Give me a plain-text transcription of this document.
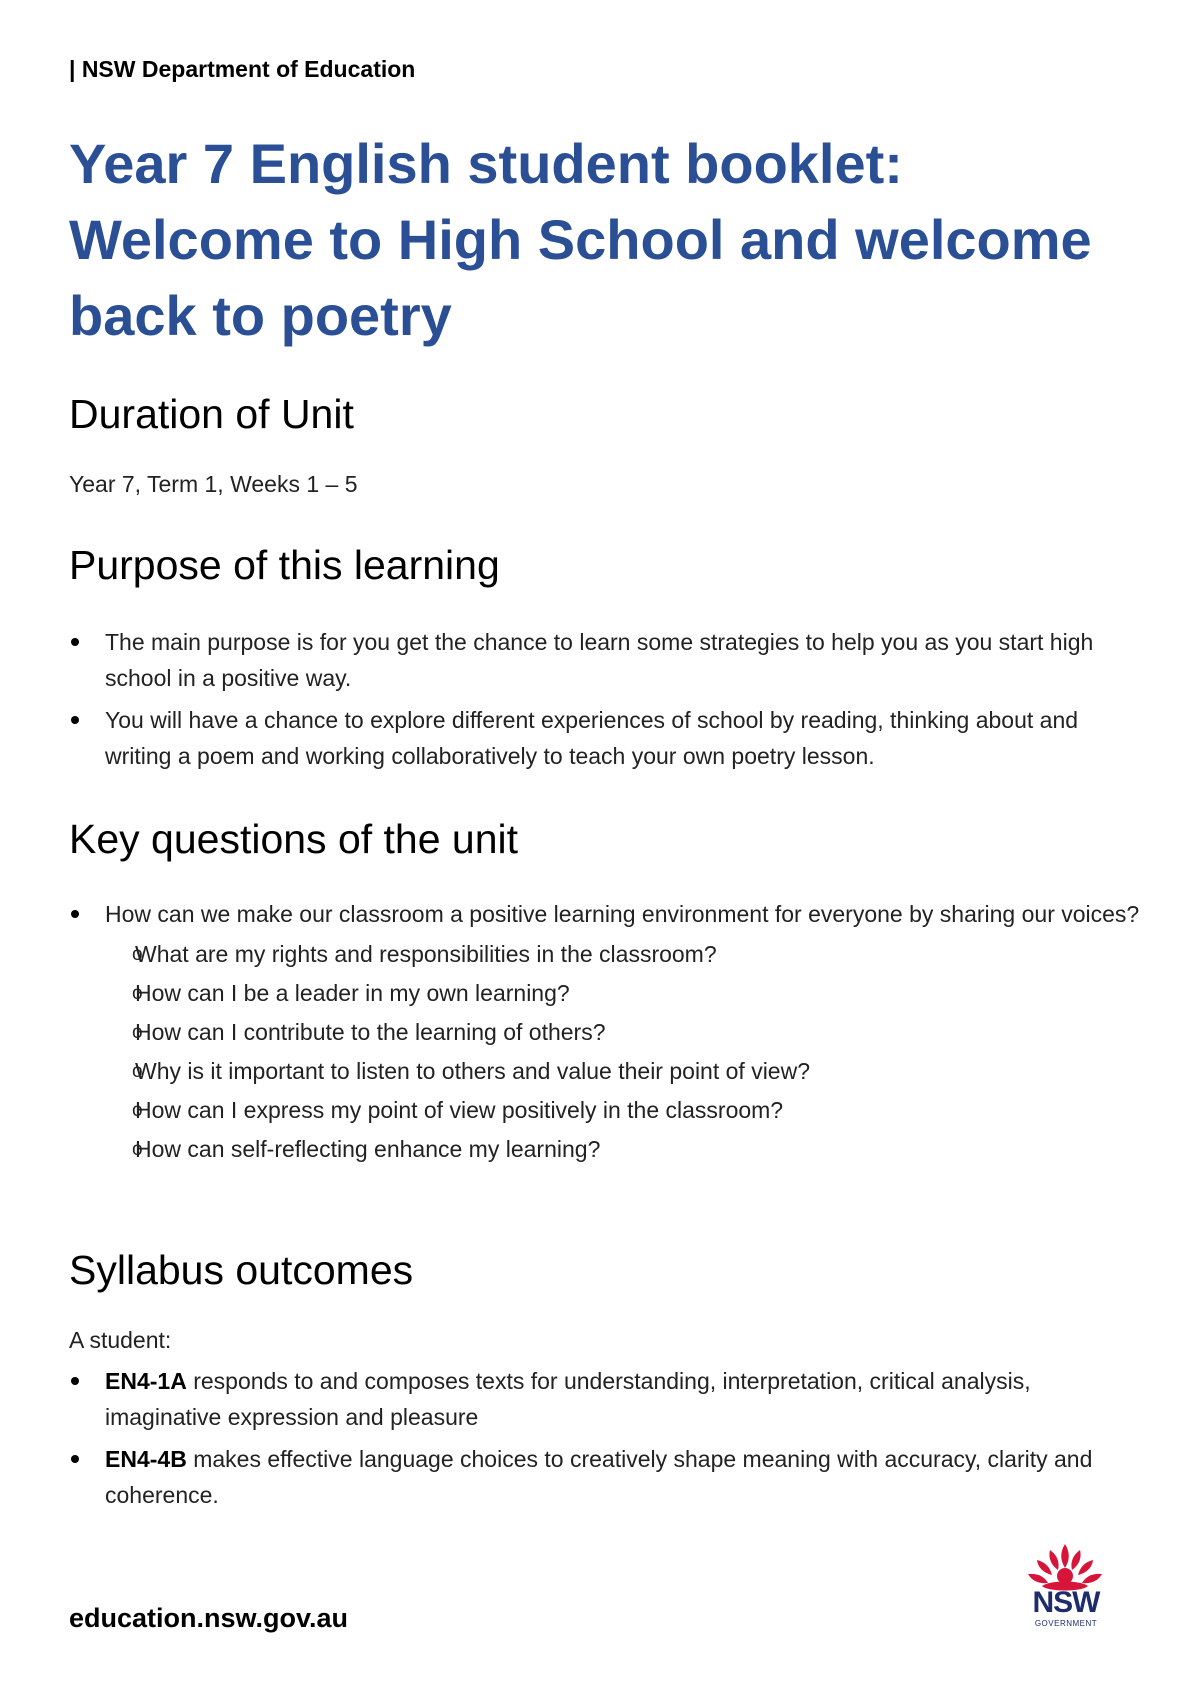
| NSW Department of Education
Year 7 English student booklet: Welcome to High School and welcome back to poetry
Duration of Unit

Year 7, Term 1, Weeks 1 – 5

Purpose of this learning
The main purpose is for you get the chance to learn some strategies to help you as you start high school in a positive way.
You will have a chance to explore different experiences of school by reading, thinking about and writing a poem and working collaboratively to teach your own poetry lesson.
Key questions of the unit
How can we make our classroom a positive learning environment for everyone by sharing our voices?
o What are my rights and responsibilities in the classroom?
o How can I be a leader in my own learning?
o How can I contribute to the learning of others?
o Why is it important to listen to others and value their point of view?
o How can I express my point of view positively in the classroom?
o How can self-reflecting enhance my learning?
Syllabus outcomes

A student:

EN4-1A responds to and composes texts for understanding, interpretation, critical analysis, imaginative expression and pleasure
EN4-4B makes effective language choices to creatively shape meaning with accuracy, clarity and coherence.
education.nsw.gov.au	NSW
GOVERNMENT
